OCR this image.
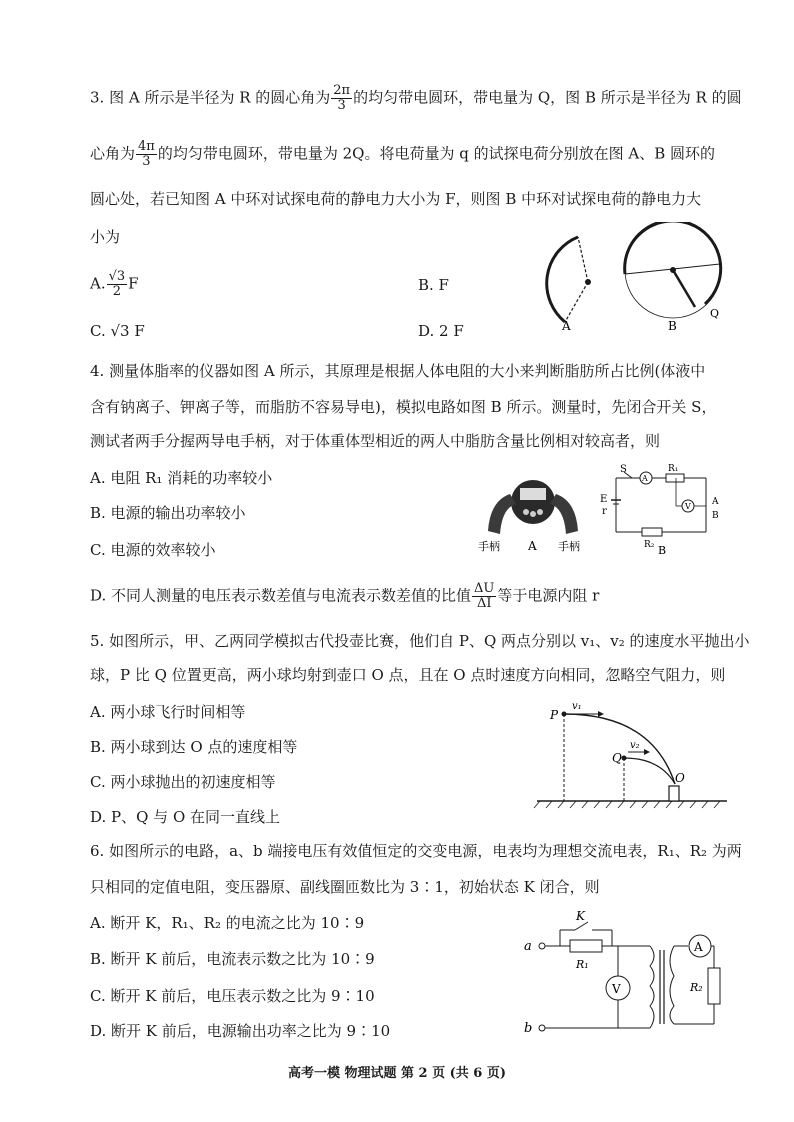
3. 图 A 所示是半径为 R 的圆心角为 $\frac{2\pi}{3}$ 的均匀带电圆环，带电量为 Q，图 B 所示是半径为 R 的圆
心角为 $\frac{4\pi}{3}$ 的均匀带电圆环，带电量为 2Q。将电荷量为 q 的试探电荷分别放在图 A、B 圆环的
圆心处，若已知图 A 中环对试探电荷的静电力大小为 F，则图 B 中环对试探电荷的静电力大
小为
A. $\frac{√3}{2}$ F	B. F
C. √3 F	D. 2 F	A	B
Q
4. 测量体脂率的仪器如图 A 所示，其原理是根据人体电阻的大小来判断脂肪所占比例(体液中
含有钠离子、钾离子等，而脂肪不容易导电)，模拟电路如图 B 所示。测量时，先闭合开关 S，
测试者两手分握两导电手柄，对于体重体型相近的两人中脂肪含量比例相对较高者，则
A. 电阻 R₁ 消耗的功率较小
B. 电源的输出功率较小
C. 电源的效率较小
D. 不同人测量的电压表示数差值与电流表示数差值的比值 $\frac{\Delta U}{\Delta I}$ 等于电源内阻 r
手柄 A 手柄
S
A
R₁
V
E
r
R₂ B
A
B
5. 如图所示，甲、乙两同学模拟古代投壶比赛，他们自 P、Q 两点分别以 v₁、v₂ 的速度水平抛出小
球，P 比 Q 位置更高，两小球均射到壶口 O 点，且在 O 点时速度方向相同，忽略空气阻力，则
A. 两小球飞行时间相等
B. 两小球到达 O 点的速度相等
C. 两小球抛出的初速度相等
D. P、Q 与 O 在同一直线上
P
v₁
Q
v₂
O
6. 如图所示的电路，a、b 端接电压有效值恒定的交变电源，电表均为理想交流电表，R₁、R₂ 为两
只相同的定值电阻，变压器原、副线圈匝数比为 3∶1，初始状态 K 闭合，则
A. 断开 K，R₁、R₂ 的电流之比为 10∶9
B. 断开 K 前后，电流表示数之比为 10∶9
C. 断开 K 前后，电压表示数之比为 9∶10
D. 断开 K 前后，电源输出功率之比为 9∶10
a
b
K
R₁
V
A
R₂
高考一模 物理试题 第 2 页 (共 6 页)
